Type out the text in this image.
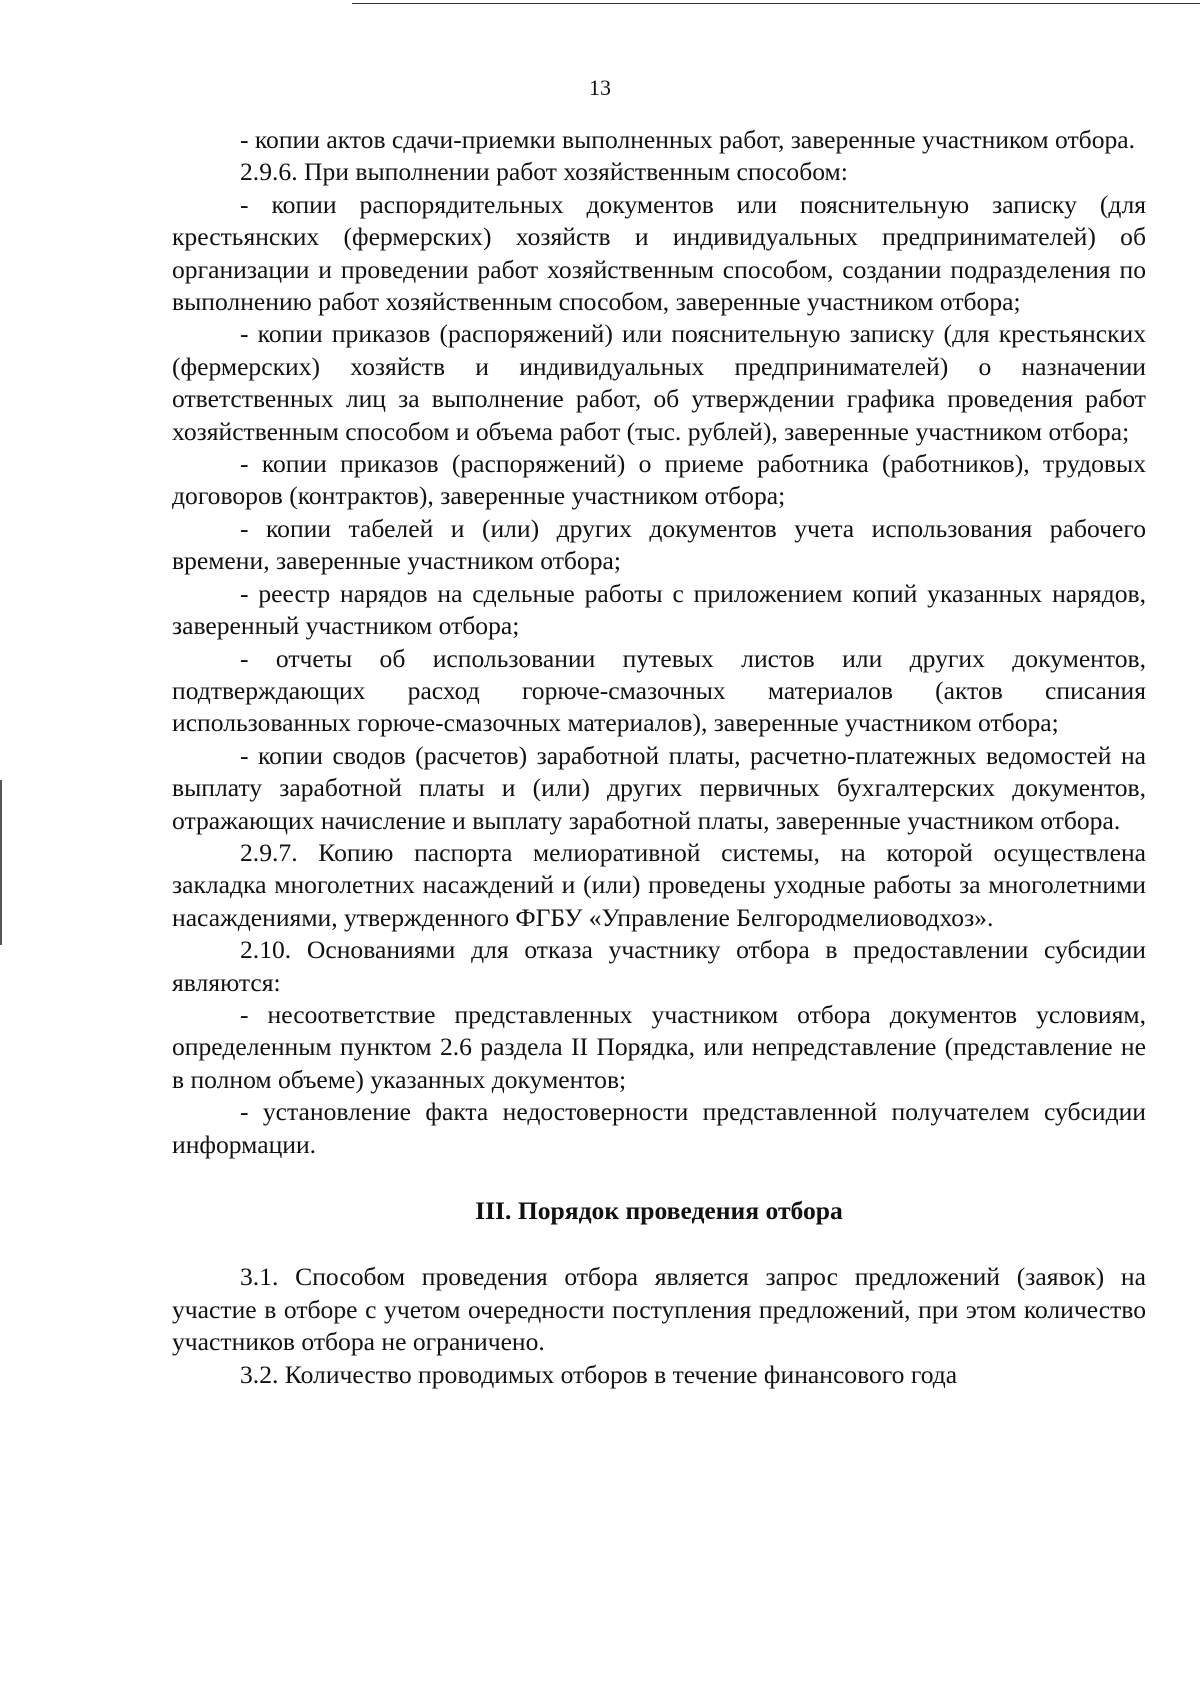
13

- копии актов сдачи-приемки выполненных работ, заверенные участником отбора.

2.9.6. При выполнении работ хозяйственным способом:

- копии распорядительных документов или пояснительную записку (для крестьянских (фермерских) хозяйств и индивидуальных предпринимателей) об организации и проведении работ хозяйственным способом, создании подразделения по выполнению работ хозяйственным способом, заверенные участником отбора;

- копии приказов (распоряжений) или пояснительную записку (для крестьянских (фермерских) хозяйств и индивидуальных предпринимателей) о назначении ответственных лиц за выполнение работ, об утверждении графика проведения работ хозяйственным способом и объема работ (тыс. рублей), заверенные участником отбора;

- копии приказов (распоряжений) о приеме работника (работников), трудовых договоров (контрактов), заверенные участником отбора;

- копии табелей и (или) других документов учета использования рабочего времени, заверенные участником отбора;

- реестр нарядов на сдельные работы с приложением копий указанных нарядов, заверенный участником отбора;

- отчеты об использовании путевых листов или других документов, подтверждающих расход горюче-смазочных материалов (актов списания использованных горюче-смазочных материалов), заверенные участником отбора;

- копии сводов (расчетов) заработной платы, расчетно-платежных ведомостей на выплату заработной платы и (или) других первичных бухгалтерских документов, отражающих начисление и выплату заработной платы, заверенные участником отбора.

2.9.7. Копию паспорта мелиоративной системы, на которой осуществлена закладка многолетних насаждений и (или) проведены уходные работы за многолетними насаждениями, утвержденного ФГБУ «Управление Белгородмелиоводхоз».

2.10. Основаниями для отказа участнику отбора в предоставлении субсидии являются:

- несоответствие представленных участником отбора документов условиям, определенным пунктом 2.6 раздела II Порядка, или непредставление (представление не в полном объеме) указанных документов;

- установление факта недостоверности представленной получателем субсидии информации.

III. Порядок проведения отбора

3.1. Способом проведения отбора является запрос предложений (заявок) на участие в отборе с учетом очередности поступления предложений, при этом количество участников отбора не ограничено.

3.2. Количество проводимых отборов в течение финансового года
